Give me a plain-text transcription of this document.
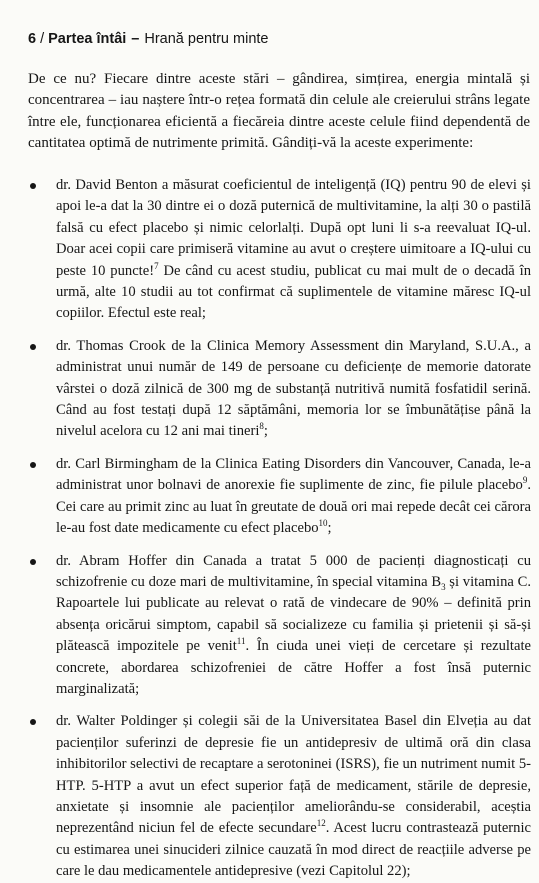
6 / Partea întâi – Hrană pentru minte

De ce nu? Fiecare dintre aceste stări – gândirea, simțirea, energia mintală și concentrarea – iau naștere într-o rețea formată din celule ale creierului strâns legate între ele, funcționarea eficientă a fiecăreia dintre aceste celule fiind dependentă de cantitatea optimă de nutrimente primită. Gândiți-vă la aceste experimente:

dr. David Benton a măsurat coeficientul de inteligență (IQ) pentru 90 de elevi și apoi le-a dat la 30 dintre ei o doză puternică de multivitamine, la alți 30 o pastilă falsă cu efect placebo și nimic celorlalți. După opt luni li s-a reevaluat IQ-ul. Doar acei copii care primiseră vitamine au avut o creștere uimitoare a IQ-ului cu peste 10 puncte!$^7$ De când cu acest studiu, publicat cu mai mult de o decadă în urmă, alte 10 studii au tot confirmat că suplimentele de vitamine măresc IQ-ul copiilor. Efectul este real;

dr. Thomas Crook de la Clinica Memory Assessment din Maryland, S.U.A., a administrat unui număr de 149 de persoane cu deficiențe de memorie datorate vârstei o doză zilnică de 300 mg de substanță nutritivă numită fosfatidil serină. Când au fost testați după 12 săptămâni, memoria lor se îmbunătățise până la nivelul acelora cu 12 ani mai tineri$^8$;

dr. Carl Birmingham de la Clinica Eating Disorders din Vancouver, Canada, le-a administrat unor bolnavi de anorexie fie suplimente de zinc, fie pilule placebo$^9$. Cei care au primit zinc au luat în greutate de două ori mai repede decât cei cărora le-au fost date medicamente cu efect placebo$^{10}$;

dr. Abram Hoffer din Canada a tratat 5 000 de pacienți diagnosticați cu schizofrenie cu doze mari de multivitamine, în special vitamina $B_3$ și vitamina C. Rapoartele lui publicate au relevat o rată de vindecare de 90% – definită prin absența oricărui simptom, capabil să socializeze cu familia și prietenii și să-și plătească impozitele pe venit$^{11}$. În ciuda unei vieți de cercetare și rezultate concrete, abordarea schizofreniei de către Hoffer a fost însă puternic marginalizată;

dr. Walter Poldinger și colegii săi de la Universitatea Basel din Elveția au dat pacienților suferinzi de depresie fie un antidepresiv de ultimă oră din clasa inhibitorilor selectivi de recaptare a serotoninei (ISRS), fie un nutriment numit 5-HTP. 5-HTP a avut un efect superior față de medicament, stările de depresie, anxietate și insomnie ale pacienților ameliorându-se considerabil, aceștia neprezentând niciun fel de efecte secundare$^{12}$. Acest lucru contrastează puternic cu estimarea unei sinucideri zilnice cauzată în mod direct de reacțiile adverse pe care le dau medicamentele antidepresive (vezi Capitolul 22);
